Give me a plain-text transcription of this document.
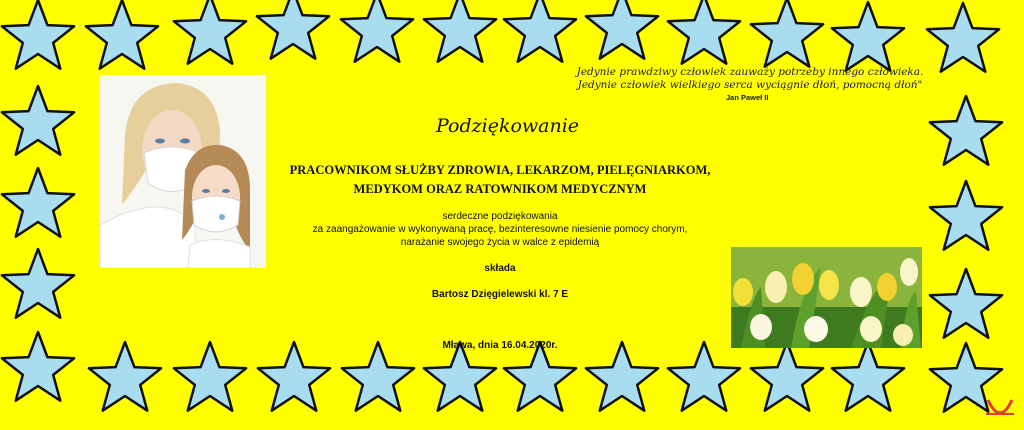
Jedynie prawdziwy człowiek zauważy potrzeby innego człowieka.
Jedynie człowiek wielkiego serca wyciągnie dłoń, pomocną dłoń"
Jan Paweł II
Podziękowanie
PRACOWNIKOM SŁUŻBY ZDROWIA, LEKARZOM, PIELĘGNIARKOM,
MEDYKOM ORAZ RATOWNIKOM MEDYCZNYM
serdeczne podziękowania
za zaangażowanie w wykonywaną pracę, bezinteresowne niesienie pomocy chorym,
narażanie swojego życia w walce z epidemią
składa
Bartosz Dzięgielewski kl. 7 E
Mława, dnia 16.04.2020r.
